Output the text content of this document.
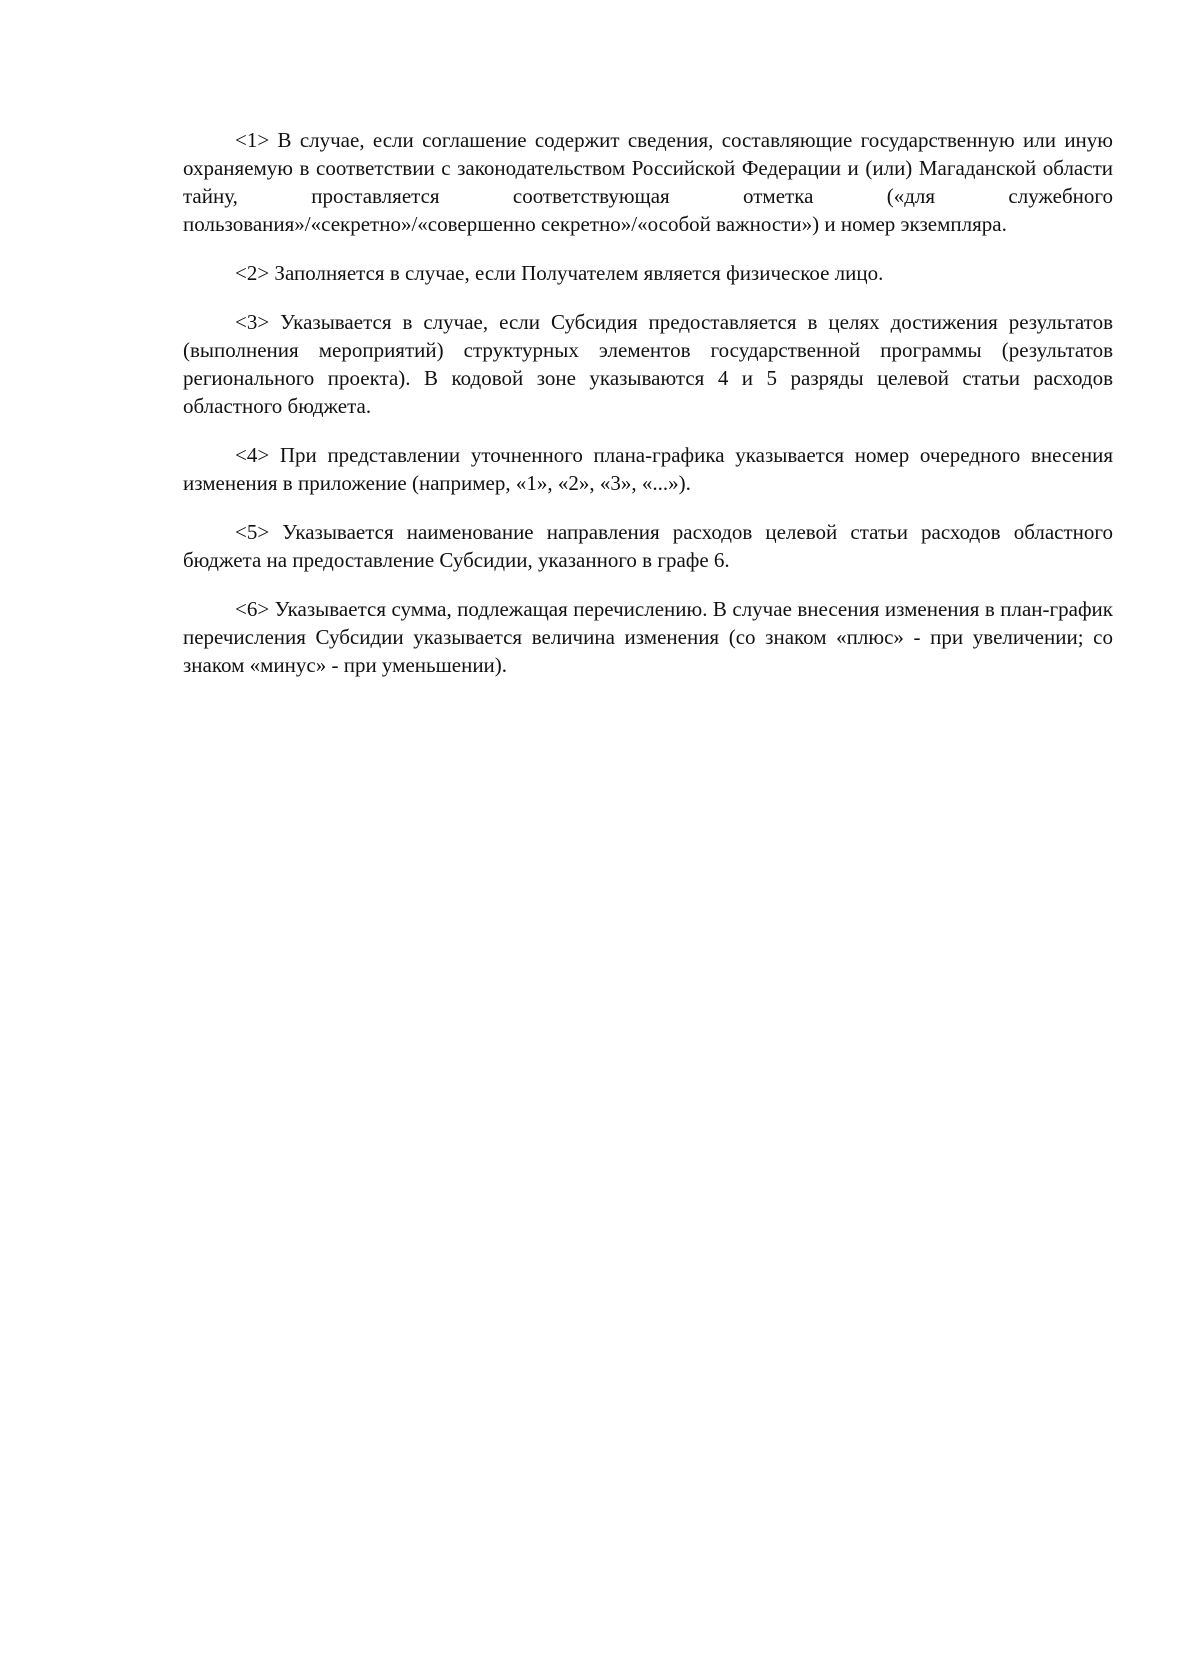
<1> В случае, если соглашение содержит сведения, составляющие государственную или иную охраняемую в соответствии с законодательством Российской Федерации и (или) Магаданской области тайну, проставляется соответствующая отметка («для служебного пользования»/«секретно»/«совершенно секретно»/«особой важности») и номер экземпляра.

<2> Заполняется в случае, если Получателем является физическое лицо.

<3> Указывается в случае, если Субсидия предоставляется в целях достижения результатов (выполнения мероприятий) структурных элементов государственной программы (результатов регионального проекта). В кодовой зоне указываются 4 и 5 разряды целевой статьи расходов областного бюджета.

<4> При представлении уточненного плана-графика указывается номер очередного внесения изменения в приложение (например, «1», «2», «3», «...»).

<5> Указывается наименование направления расходов целевой статьи расходов областного бюджета на предоставление Субсидии, указанного в графе 6.

<6> Указывается сумма, подлежащая перечислению. В случае внесения изменения в план-график перечисления Субсидии указывается величина изменения (со знаком «плюс» - при увеличении; со знаком «минус» - при уменьшении).
